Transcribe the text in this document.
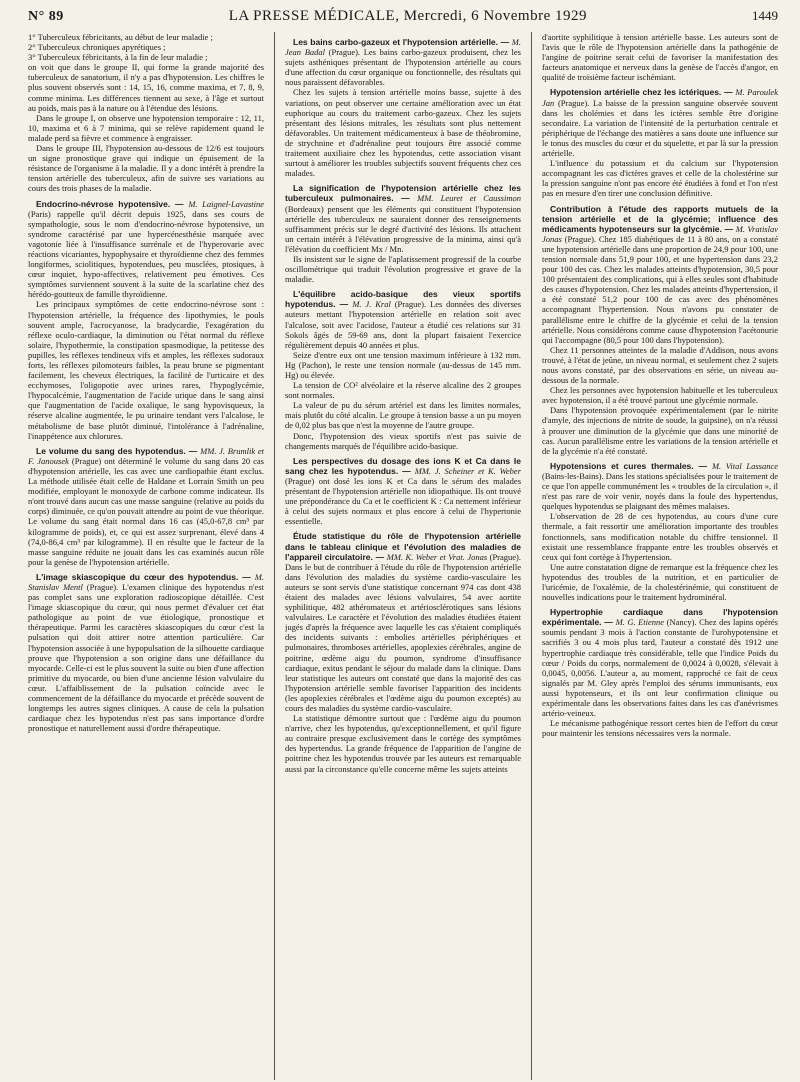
N° 89	LA PRESSE MÉDICALE, Mercredi, 6 Novembre 1929	1449

1° Tuberculeux fébricitants, au début de leur maladie ;

2° Tuberculeux chroniques apyrétiques ;

3° Tuberculeux fébricitants, à la fin de leur maladie ;

on voit que dans le groupe II, qui forme la grande majorité des tuberculeux de sanatorium, il n'y a pas d'hypotension. Les chiffres le plus souvent observés sont : 14, 15, 16, comme maxima, et 7, 8, 9, comme minima. Les différences tiennent au sexe, à l'âge et surtout au poids, mais pas à la nature ou à l'étendue des lésions.

Dans le groupe I, on observe une hypotension temporaire : 12, 11, 10, maxima et 6 à 7 minima, qui se relève rapidement quand le malade perd sa fièvre et commence à engraisser.

Dans le groupe III, l'hypotension au-dessous de 12/6 est toujours un signe pronostique grave qui indique un épuisement de la résistance de l'organisme à la maladie. Il y a donc intérêt à prendre la tension artérielle des tuberculeux, afin de suivre ses variations au cours des trois phases de la maladie.

Endocrino-névrose hypotensive. — M. Laignel-Lavastine (Paris) rappelle qu'il décrit depuis 1925, dans ses cours de sympathologie, sous le nom d'endocrino-névrose hypotensive, un syndrome caractérisé par une hypercénesthésie marquée avec vagotonie liée à l'insuffisance surrénale et de l'hyperovarie avec réactions vicariantes, hypophysaire et thyroïdienne chez des femmes longiformes, sciolitiques, hypotendues, peu musclées, ptosiques, à cœur inquiet, hypo-affectives, relativement peu émotives. Ces symptômes surviennent souvent à la suite de la scarlatine chez des hérédo-goutteux de famille thyroïdienne.

Les principaux symptômes de cette endocrino-névrose sont : l'hypotension artérielle, la fréquence des lipothymies, le pouls souvent ample, l'acrocyanose, la bradycardie, l'exagération du réflexe oculo-cardiaque, la diminution ou l'état normal du réflexe solaire, l'hypothermie, la constipation spasmodique, la petitesse des pupilles, les réflexes tendineux vifs et amples, les réflexes sudoraux forts, les réflexes pilomoteurs faibles, la peau brune se pigmentant facilement, les cheveux électriques, la facilité de l'urticaire et des ecchymoses, l'oligopotie avec urines rares, l'hypoglycémie, l'hypocalcémie, l'augmentation de l'acide urique dans le sang ainsi que l'augmentation de l'acide oxalique, le sang hypovisqueux, la réserve alcaline augmentée, le pu urinaire tendant vers l'alcalose, le métabolisme de base plutôt diminué, l'intolérance à l'adrénaline, l'inappétence aux chlorures.

Le volume du sang des hypotendus. — MM. J. Brumlik et F. Janousek (Prague) ont déterminé le volume du sang dans 20 cas d'hypotension artérielle, les cas avec une cardiopathie étant exclus. La méthode utilisée était celle de Haldane et Lorrain Smith un peu modifiée, employant le monoxyde de carbone comme indicateur. Ils n'ont trouvé dans aucun cas une masse sanguine (relative au poids du corps) diminuée, ce qu'on pouvait attendre au point de vue théorique. Le volume du sang était normal dans 16 cas (45,0-67,8 cm³ par kilogramme de poids), et, ce qui est assez surprenant, élevé dans 4 (74,0-86,4 cm³ par kilogramme). Il en résulte que le facteur de la masse sanguine réduite ne jouait dans les cas examinés aucun rôle pour la genèse de l'hypotension artérielle.
L'image skiascopique du cœur des hypotendus. — M. Stanislav Mentl (Prague). L'examen clinique des hypotendus n'est pas complet sans une exploration radioscopique détaillée. C'est l'image skiascopique du cœur, qui nous permet d'évaluer cet état pathologique au point de vue étiologique, pronostique et thérapeutique. Parmi les caractères skiascopiques du cœur c'est la pulsation qui doit attirer notre attention particulière. Car l'hypotension associée à une hypopulsation de la silhouette cardiaque prouve que l'hypotension a son origine dans une défaillance du myocarde. Celle-ci est le plus souvent la suite ou bien d'une affection primitive du myocarde, ou bien d'une ancienne lésion valvulaire du cœur. L'affaiblissement de la pulsation coïncide avec le commencement de la défaillance du myocarde et précède souvent de longtemps les autres signes cliniques. A cause de cela la pulsation cardiaque chez les hypotendus n'est pas sans importance d'ordre pronostique et naturellement aussi d'ordre thérapeutique.
Les bains carbo-gazeux et l'hypotension artérielle. — M. Jean Badal (Prague). Les bains carbo-gazeux produisent, chez les sujets asthéniques présentant de l'hypotension artérielle au cours d'une affection du cœur organique ou fonctionnelle, des résultats qui nous paraissent défavorables.

Chez les sujets à tension artérielle moins basse, sujette à des variations, on peut observer une certaine amélioration avec un état euphorique au cours du traitement carbo-gazeux. Chez les sujets présentant des lésions mitrales, les résultats sont plus nettement défavorables. Un traitement médicamenteux à base de théobromine, de strychnine et d'adrénaline peut toujours être associé comme traitement auxiliaire chez les hypotendus, cette association visant surtout à améliorer les troubles subjectifs souvent fréquents chez ces malades.

La signification de l'hypotension artérielle chez les tuberculeux pulmonaires. — MM. Leuret et Caussimon (Bordeaux) pensent que les éléments qui constituent l'hypotension artérielle des tuberculeux ne sauraient donner des renseignements suffisamment précis sur le degré d'activité des lésions. Ils attachent un certain intérêt à l'élévation progressive de la minima, ainsi qu'à l'élévation du coefficient Mx / Mn.

Ils insistent sur le signe de l'aplatissement progressif de la courbe oscillométrique qui traduit l'évolution progressive et grave de la maladie.

L'équilibre acido-basique des vieux sportifs hypotendus. — M. J. Kral (Prague). Les données des diverses auteurs mettant l'hypotension artérielle en relation soit avec l'alcalose, soit avec l'acidose, l'auteur a étudié ces relations sur 31 Sokols âgés de 59-69 ans, dont la plupart faisaient l'exercice régulièrement depuis 40 années et plus.

Seize d'entre eux ont une tension maximum inférieure à 132 mm. Hg (Pachon), le reste une tension normale (au-dessus de 145 mm. Hg) ou élevée.

La tension de CO² alvéolaire et la réserve alcaline des 2 groupes sont normales.

La valeur de pu du sérum artériel est dans les limites normales, mais plutôt du côté alcalin. Le groupe à tension basse a un pu moyen de 0,02 plus bas que n'est la moyenne de l'autre groupe.

Donc, l'hypotension des vieux sportifs n'est pas suivie de changements marqués de l'équilibre acido-basique.

Les perspectives du dosage des ions K et Ca dans le sang chez les hypotendus. — MM. J. Scheiner et K. Weber (Prague) ont dosé les ions K et Ca dans le sérum des malades présentant de l'hypotension artérielle non idiopathique. Ils ont trouvé une prépondérance du Ca et le coefficient K : Ca nettement inférieur à celui des sujets normaux et plus encore à celui de l'hypertonie essentielle.
Étude statistique du rôle de l'hypotension artérielle dans le tableau clinique et l'évolution des maladies de l'appareil circulatoire. — MM. K. Weber et Vrat. Jonas (Prague). Dans le but de contribuer à l'étude du rôle de l'hypotension artérielle dans l'évolution des maladies du système cardio-vasculaire les auteurs se sont servis d'une statistique concernant 974 cas dont 438 étaient des malades avec lésions valvulaires, 54 avec aortite syphilitique, 482 athéromateux et artériosclérotiques sans lésions valvulaires. Le caractère et l'évolution des maladies étudiées étaient jugés d'après la fréquence avec laquelle les cas s'étaient compliqués des incidents suivants : embolies artérielles périphériques et pulmonaires, thromboses artérielles, apoplexies cérébrales, angine de poitrine, œdème aigu du poumon, syndrome d'insuffisance cardiaque, exitus pendant le séjour du malade dans la clinique. Dans leur statistique les auteurs ont constaté que dans la majorité des cas l'hypotension artérielle semble favoriser l'apparition des incidents (les apoplexies cérébrales et l'œdème aigu du poumon exceptés) au cours des maladies du système cardio-vasculaire.

La statistique démontre surtout que : l'œdème aigu du poumon n'arrive, chez les hypotendus, qu'exceptionnellement, et qu'il figure au contraire presque exclusivement dans le cortège des symptômes des hypertendus. La grande fréquence de l'apparition de l'angine de poitrine chez les hypotendus trouvée par les auteurs est remarquable aussi par la circonstance qu'elle concerne même les sujets atteints

d'aortite syphilitique à tension artérielle basse. Les auteurs sont de l'avis que le rôle de l'hypotension artérielle dans la pathogénie de l'angine de poitrine serait celui de favoriser la manifestation des facteurs anatomique et nerveux dans la genèse de l'accès d'angor, en qualité de troisième facteur ischémiant.

Hypotension artérielle chez les ictériques. — M. Paroulek Jan (Prague). La baisse de la pression sanguine observée souvent dans les cholémies et dans les ictères semble être d'origine secondaire. La variation de l'intensité de la perturbation centrale et périphérique de l'échange des matières a sans doute une influence sur le tonus des muscles du cœur et du squelette, et par là sur la pression artérielle.

L'influence du potassium et du calcium sur l'hypotension accompagnant les cas d'ictères graves et celle de la cholestérine sur la pression sanguine n'ont pas encore été étudiées à fond et l'on n'est pas en mesure d'en tirer une conclusion définitive.

Contribution à l'étude des rapports mutuels de la tension artérielle et de la glycémie; influence des médicaments hypotenseurs sur la glycémie. — M. Vratislav Jonas (Prague). Chez 185 diabétiques de 11 à 80 ans, on a constaté une hypotension artérielle dans une proportion de 24,9 pour 100, une tension normale dans 51,9 pour 100, et une hypertension dans 23,2 pour 100 des cas. Chez les malades atteints d'hypotension, 30,5 pour 100 présentaient des complications, qui à elles seules sont d'habitude des causes d'hypotension. Chez les malades atteints d'hypertension, il a été constaté 51,2 pour 100 de cas avec des phénomènes accompagnant l'hypertension. Nous n'avons pu constater de parallélisme entre le chiffre de la glycémie et celui de la tension artérielle. Nous considérons comme cause d'hypotension l'acétonurie qui l'accompagne (80,5 pour 100 dans l'hypotension).

Chez 11 personnes atteintes de la maladie d'Addison, nous avons trouvé, à l'état de jeûne, un niveau normal, et seulement chez 2 sujets nous avons constaté, par des observations en série, un niveau au-dessous de la normale.

Chez les personnes avec hypotension habituelle et les tuberculeux avec hypotension, il a été trouvé partout une glycémie normale.

Dans l'hypotension provoquée expérimentalement (par le nitrite d'amyle, des injections de nitrite de soude, la guipsine), on n'a réussi à prouver une diminution de la glycémie que dans une minorité de cas. Aucun parallélisme entre les variations de la tension artérielle et de la glycémie n'a été constaté.

Hypotensions et cures thermales. — M. Vital Lassance (Bains-les-Bains). Dans les stations spécialisées pour le traitement de ce que l'on appelle communément les « troubles de la circulation », il n'est pas rare de voir venir, noyés dans la foule des hypertendus, quelques hypotendus se plaignant des mêmes malaises.

L'observation de 28 de ces hypotendus, au cours d'une cure thermale, a fait ressortir une amélioration importante des troubles fonctionnels, sans modification notable du chiffre tensionnel. Il existait une ressemblance frappante entre les troubles observés et ceux qui font cortège à l'hypertension.

Une autre constatation digne de remarque est la fréquence chez les hypotendus des troubles de la nutrition, et en particulier de l'uricémie, de l'oxalémie, de la cholestérinémie, qui constituent de nouvelles indications pour le traitement hydrominéral.

Hypertrophie cardiaque dans l'hypotension expérimentale. — M. G. Etienne (Nancy). Chez des lapins opérés soumis pendant 3 mois à l'action constante de l'urohypotensine et sacrifiés 3 ou 4 mois plus tard, l'auteur a constaté dès 1912 une hypertrophie cardiaque très considérable, telle que l'indice Poids du cœur / Poids du corps, normalement de 0,0024 à 0,0028, s'élevait à 0,0045, 0,0056. L'auteur a, au moment, rapproché ce fait de ceux signalés par M. Gley après l'emploi des sérums immunisants, eux aussi hypotenseurs, et ils ont leur confirmation clinique ou expérimentale dans les observations faites dans les cas d'anévrismes artério-veineux.

Le mécanisme pathogénique ressort certes bien de l'effort du cœur pour maintenir les tensions nécessaires vers la normale.
